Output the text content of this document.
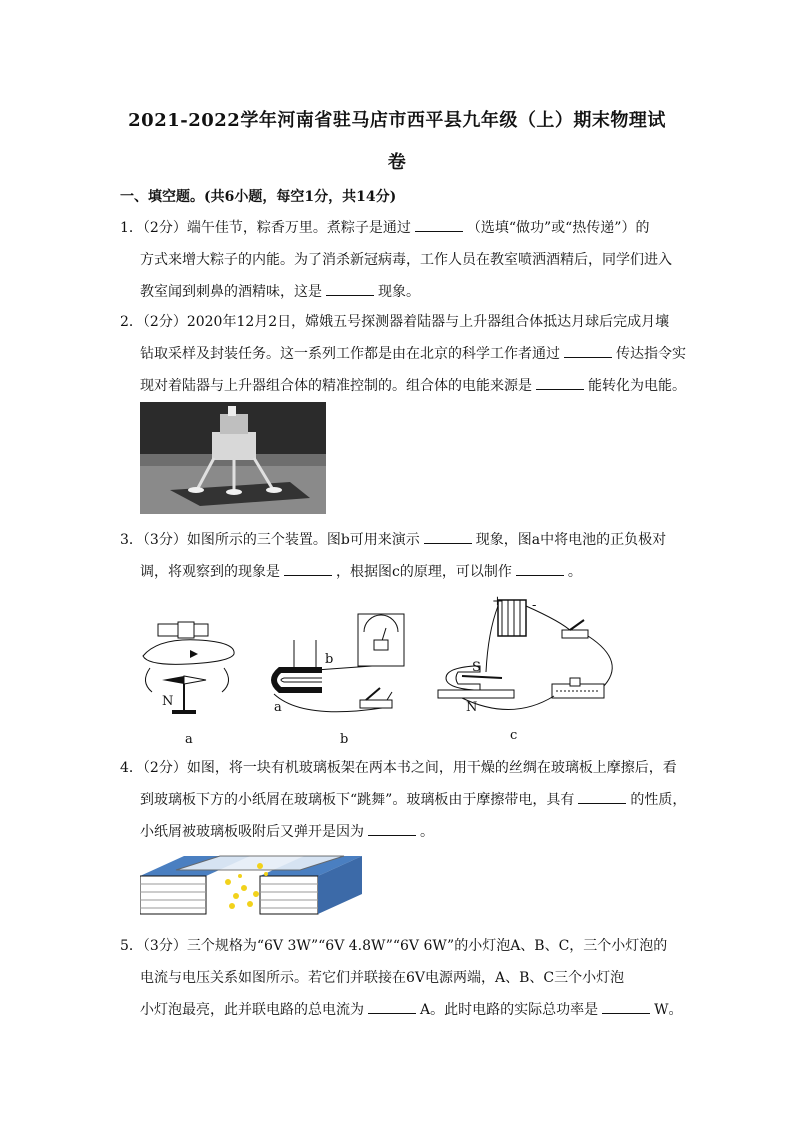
2021-2022学年河南省驻马店市西平县九年级（上）期末物理试
卷
一、填空题。(共6小题，每空1分，共14分)
1．（2分）端午佳节，粽香万里。煮粽子是通过	（选填“做功”或“热传递”）的
方式来增大粽子的内能。为了消杀新冠病毒，工作人员在教室喷洒酒精后，同学们进入
教室闻到刺鼻的酒精味，这是	现象。
2．（2分）2020年12月2日，嫦娥五号探测器着陆器与上升器组合体抵达月球后完成月壤
钻取采样及封装任务。这一系列工作都是由在北京的科学工作者通过	传达指令实
现对着陆器与上升器组合体的精准控制的。组合体的电能来源是	能转化为电能。
3．（3分）如图所示的三个装置。图b可用来演示	现象，图a中将电池的正负极对
调，将观察到的现象是	，根据图c的原理，可以制作	。
N
a
b
a
b
+ -
S
N
c
4．（2分）如图，将一块有机玻璃板架在两本书之间，用干燥的丝绸在玻璃板上摩擦后，看
到玻璃板下方的小纸屑在玻璃板下“跳舞”。玻璃板由于摩擦带电，具有	的性质，
小纸屑被玻璃板吸附后又弹开是因为	。
5．（3分）三个规格为“6V 3W”“6V 4.8W”“6V 6W”的小灯泡A、B、C，三个小灯泡的
电流与电压关系如图所示。若它们并联接在6V电源两端，A、B、C三个小灯泡
小灯泡最亮，此并联电路的总电流为	A。此时电路的实际总功率是	W。
